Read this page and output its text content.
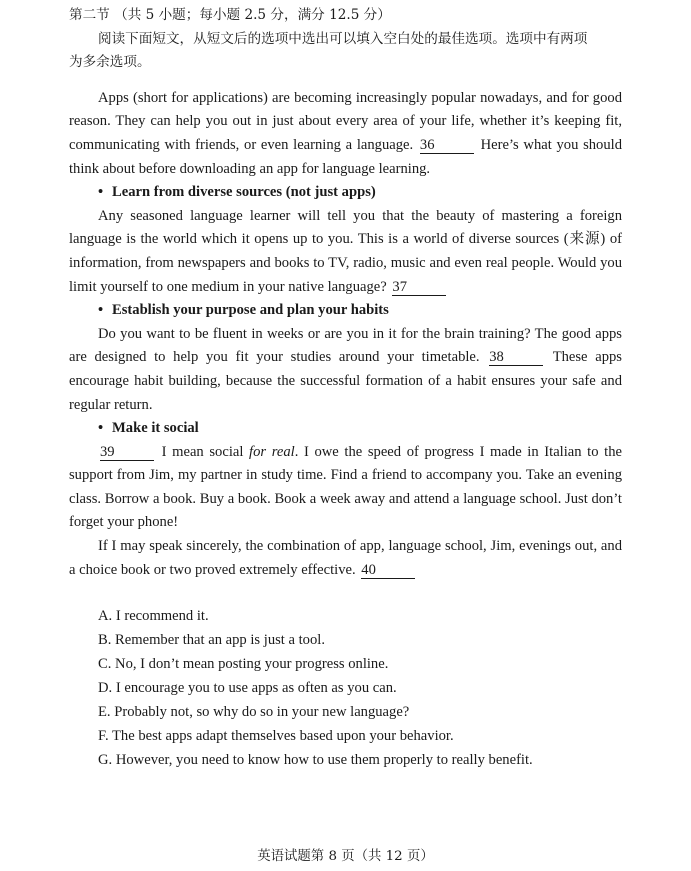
第二节 （共 5 小题；每小题 2.5 分，满分 12.5 分）

阅读下面短文，从短文后的选项中选出可以填入空白处的最佳选项。选项中有两项

为多余选项。

Apps (short for applications) are becoming increasingly popular nowadays, and for good reason. They can help you out in just about every area of your life, whether it’s keeping fit, communicating with friends, or even learning a language. 36	Here’s what you should think about before downloading an app for language learning.

• Learn from diverse sources (not just apps)

Any seasoned language learner will tell you that the beauty of mastering a foreign language is the world which it opens up to you. This is a world of diverse sources (来源) of information, from newspapers and books to TV, radio, music and even real people. Would you limit yourself to one medium in your native language? 37

• Establish your purpose and plan your habits

Do you want to be fluent in weeks or are you in it for the brain training? The good apps are designed to help you fit your studies around your timetable. 38	These apps encourage habit building, because the successful formation of a habit ensures your safe and regular return.

• Make it social

39	I mean social for real. I owe the speed of progress I made in Italian to the support from Jim, my partner in study time. Find a friend to accompany you. Take an evening class. Borrow a book. Buy a book. Book a week away and attend a language school. Just don’t forget your phone!

If I may speak sincerely, the combination of app, language school, Jim, evenings out, and a choice book or two proved extremely effective. 40

A. I recommend it.

B. Remember that an app is just a tool.

C. No, I don’t mean posting your progress online.

D. I encourage you to use apps as often as you can.

E. Probably not, so why do so in your new language?

F. The best apps adapt themselves based upon your behavior.

G. However, you need to know how to use them properly to really benefit.

英语试题第 8 页（共 12 页）
